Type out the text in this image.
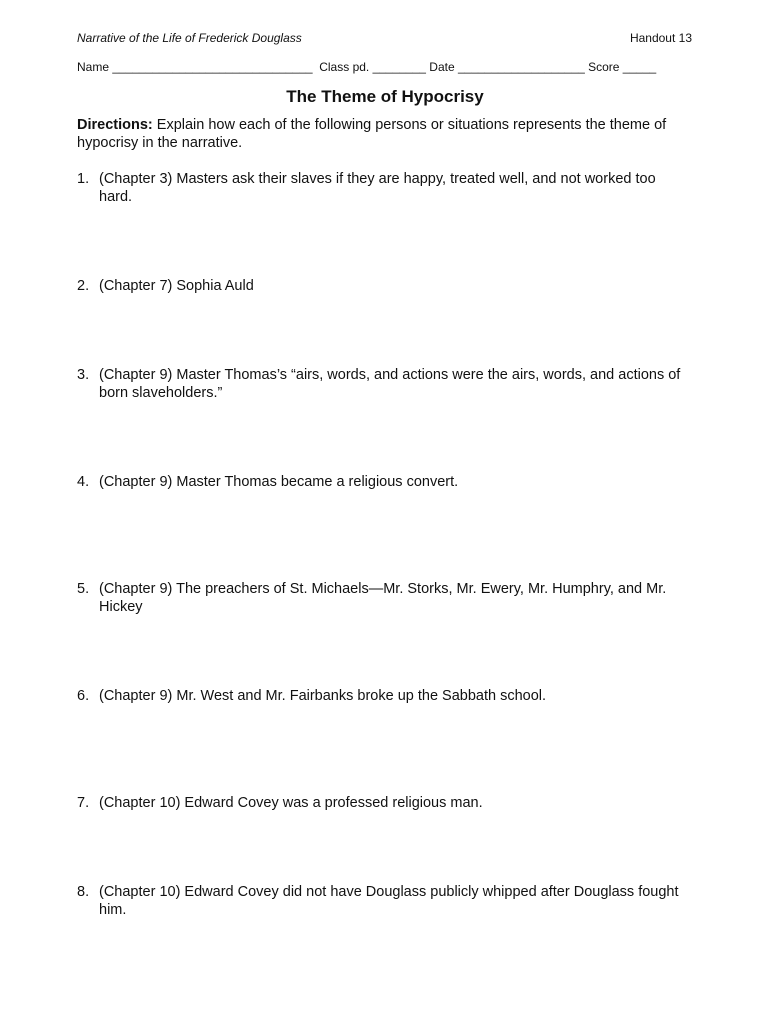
Narrative of the Life of Frederick Douglass	Handout 13
Name ______________________________  Class pd. ________ Date ___________________ Score _____
The Theme of Hypocrisy
Directions: Explain how each of the following persons or situations represents the theme of hypocrisy in the narrative.
1. (Chapter 3) Masters ask their slaves if they are happy, treated well, and not worked too hard.
2. (Chapter 7) Sophia Auld
3. (Chapter 9) Master Thomas’s “airs, words, and actions were the airs, words, and actions of born slaveholders.”
4. (Chapter 9) Master Thomas became a religious convert.
5. (Chapter 9) The preachers of St. Michaels—Mr. Storks, Mr. Ewery, Mr. Humphry, and Mr. Hickey
6. (Chapter 9) Mr. West and Mr. Fairbanks broke up the Sabbath school.
7. (Chapter 10) Edward Covey was a professed religious man.
8. (Chapter 10) Edward Covey did not have Douglass publicly whipped after Douglass fought him.
